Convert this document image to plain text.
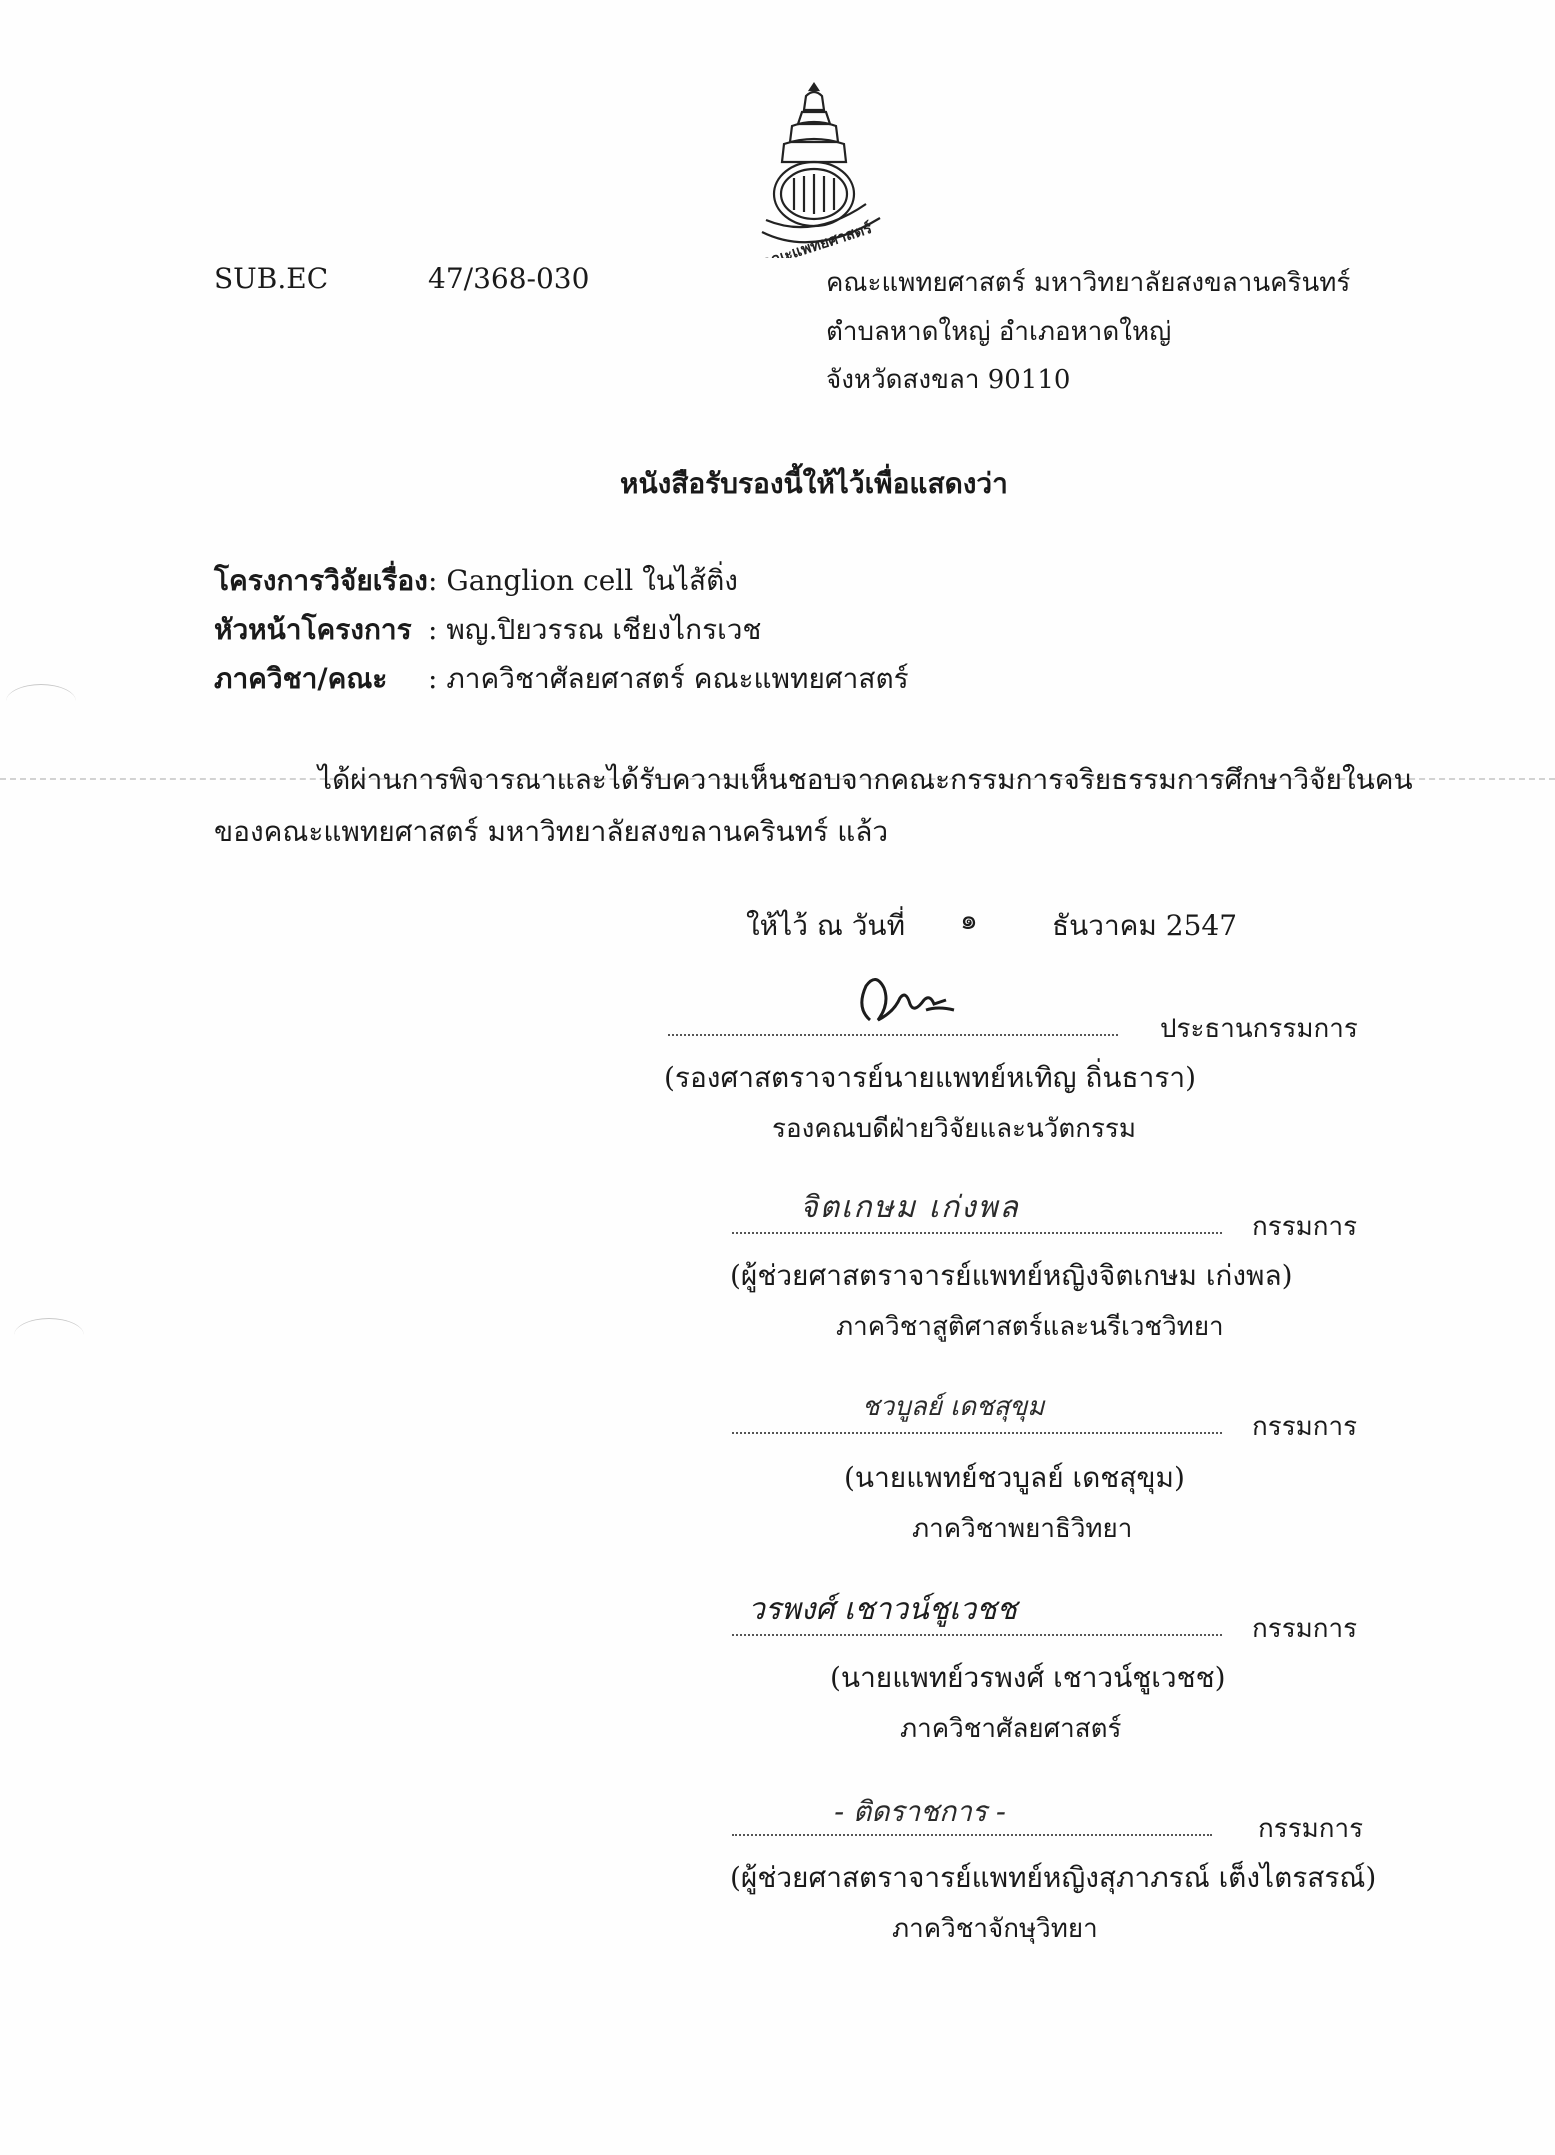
คณะแพทยศาสตร์
SUB.EC	47/368-030	คณะแพทยศาสตร์ มหาวิทยาลัยสงขลานครินทร์
ตำบลหาดใหญ่ อำเภอหาดใหญ่
จังหวัดสงขลา 90110
หนังสือรับรองนี้ให้ไว้เพื่อแสดงว่า
โครงการวิจัยเรื่อง : Ganglion cell ในไส้ติ่ง
หัวหน้าโครงการ : พญ.ปิยวรรณ เชียงไกรเวช
ภาควิชา/คณะ : ภาควิชาศัลยศาสตร์ คณะแพทยศาสตร์
ได้ผ่านการพิจารณาและได้รับความเห็นชอบจากคณะกรรมการจริยธรรมการศึกษาวิจัยในคน
ของคณะแพทยศาสตร์ มหาวิทยาลัยสงขลานครินทร์ แล้ว
ให้ไว้ ณ วันที่ ๑	ธันวาคม 2547
ประธานกรรมการ
(รองศาสตราจารย์นายแพทย์หเทิญ ถิ่นธารา)
รองคณบดีฝ่ายวิจัยและนวัตกรรม
จิตเกษม เก่งพล
กรรมการ
(ผู้ช่วยศาสตราจารย์แพทย์หญิงจิตเกษม เก่งพล)
ภาควิชาสูติศาสตร์และนรีเวชวิทยา
ชวบูลย์ เดชสุขุม
กรรมการ
(นายแพทย์ชวบูลย์ เดชสุขุม)
ภาควิชาพยาธิวิทยา
วรพงศ์ เชาวน์ชูเวชช
กรรมการ
(นายแพทย์วรพงศ์ เชาวน์ชูเวชช)
ภาควิชาศัลยศาสตร์
- ติดราชการ -
กรรมการ
(ผู้ช่วยศาสตราจารย์แพทย์หญิงสุภาภรณ์ เต็งไตรสรณ์)
ภาควิชาจักษุวิทยา
